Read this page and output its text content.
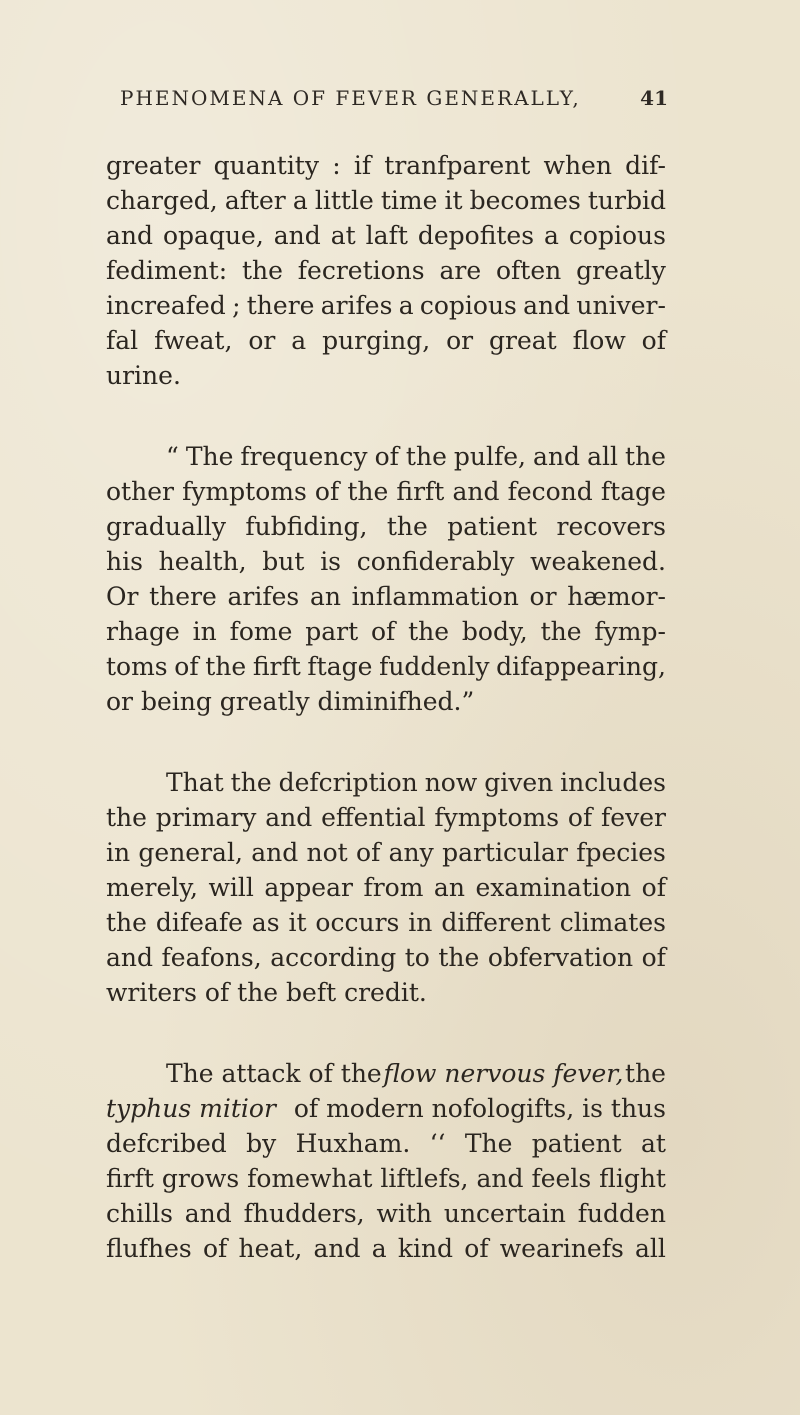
PHENOMENA OF FEVER GENERALLY,	41
greater quantity : if tranfparent when dif-
charged, after a little time it becomes turbid
and opaque, and at laft depofites a copious
fediment: the fecretions are often greatly
increafed ; there arifes a copious and univer-
fal fweat, or a purging, or great flow of
urine.
“ The frequency of the pulfe, and all the
other fymptoms of the firft and fecond ftage
gradually fubfiding, the patient recovers
his health, but is confiderably weakened.
Or there arifes an inflammation or hæmor-
rhage in fome part of the body, the fymp-
toms of the firft ftage fuddenly difappearing,
or being greatly diminifhed.”
That the defcription now given includes
the primary and effential fymptoms of fever
in general, and not of any particular fpecies
merely, will appear from an examination of
the difeafe as it occurs in different climates
and feafons, according to the obfervation of
writers of the beft credit.
The attack of the flow nervous fever, the
typhus mitior of modern nofologifts, is thus
defcribed by Huxham. ‘‘ The patient at
firft grows fomewhat liftlefs, and feels flight
chills and fhudders, with uncertain fudden
flufhes of heat, and a kind of wearinefs all
